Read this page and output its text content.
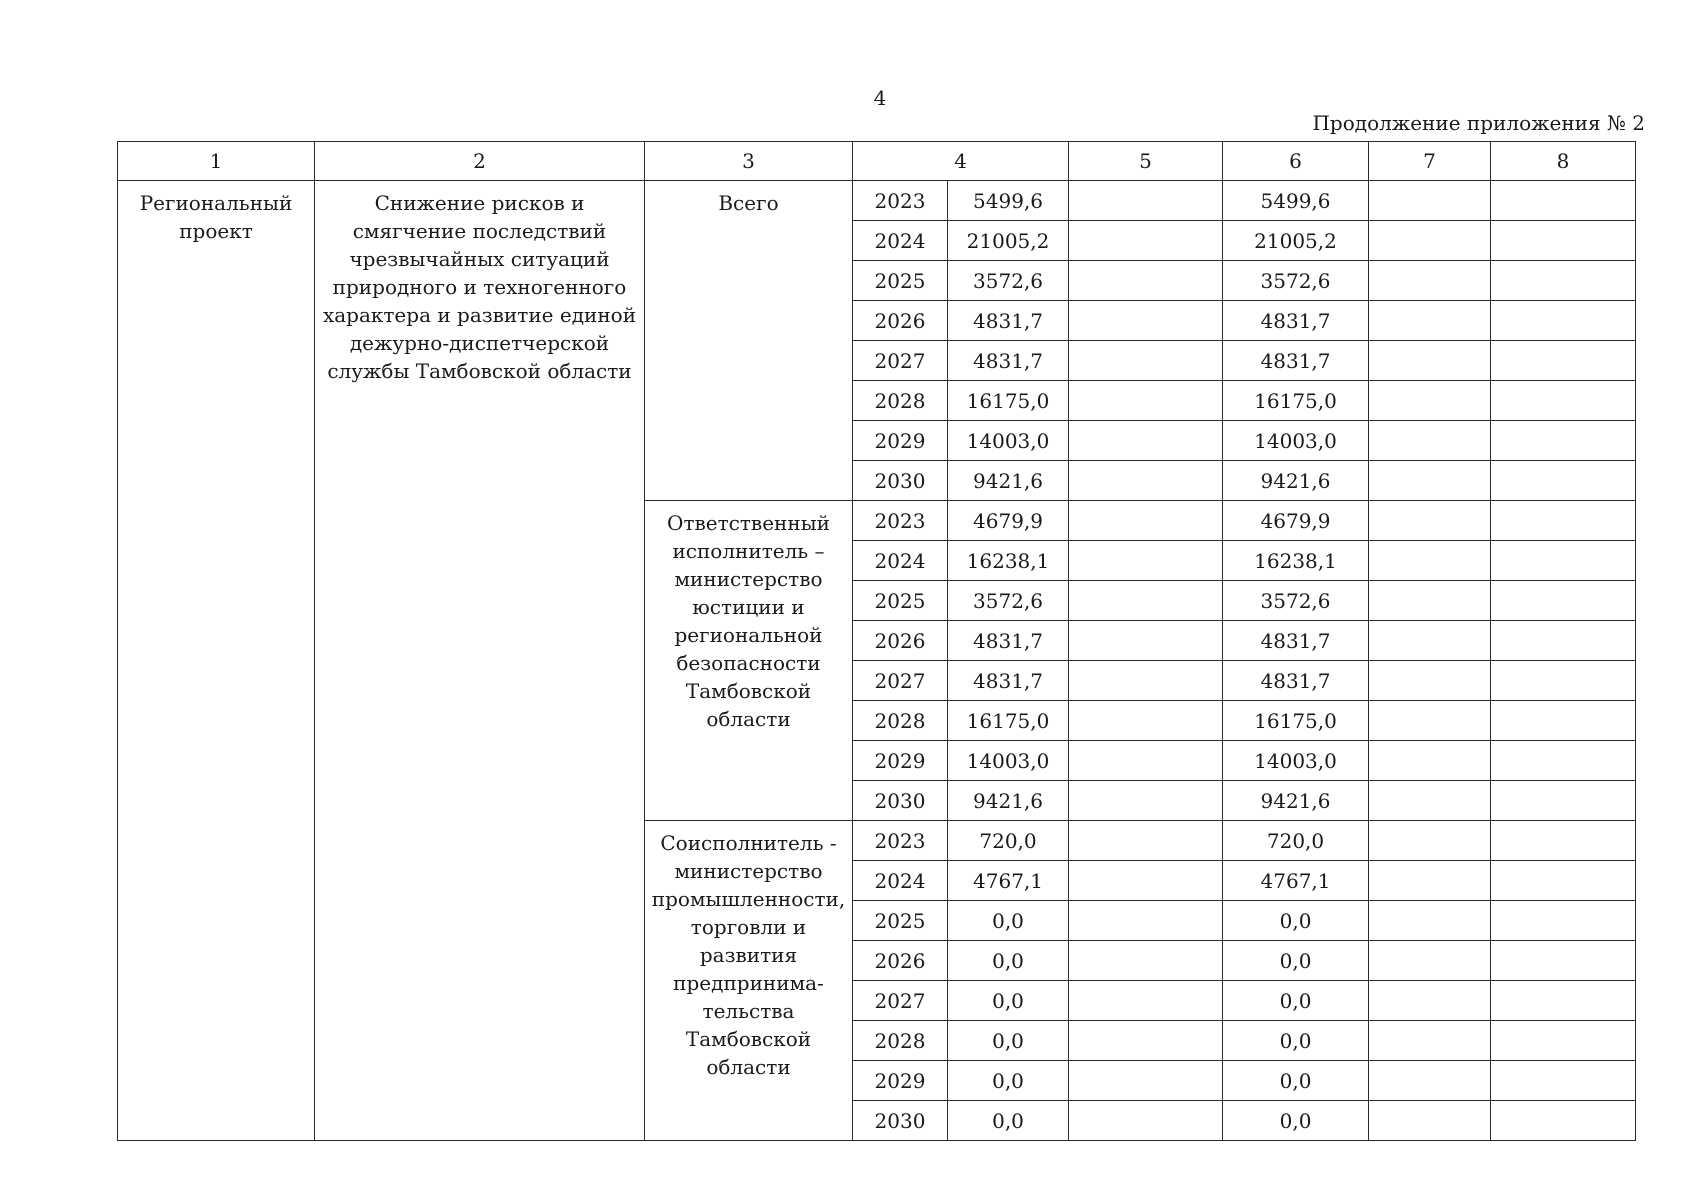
4
Продолжение приложения № 2
1	2	3	4		5	6	7	8
Региональный проект	Снижение рисков и смягчение последствий чрезвычайных ситуаций природного и техногенного характера и развитие единой дежурно-диспетчерской службы Тамбовской области	Всего	2023	5499,6		5499,6		
			2024	21005,2		21005,2		
			2025	3572,6		3572,6		
			2026	4831,7		4831,7		
			2027	4831,7		4831,7		
			2028	16175,0		16175,0		
			2029	14003,0		14003,0		
			2030	9421,6		9421,6		
		Ответственный исполнитель – министерство юстиции и региональной безопасности Тамбовской области	2023	4679,9		4679,9		
			2024	16238,1		16238,1		
			2025	3572,6		3572,6		
			2026	4831,7		4831,7		
			2027	4831,7		4831,7		
			2028	16175,0		16175,0		
			2029	14003,0		14003,0		
			2030	9421,6		9421,6		
		Соисполнитель - министерство промышленности, торговли и развития предпринима-тельства Тамбовской области	2023	720,0		720,0		
			2024	4767,1		4767,1		
			2025	0,0		0,0		
			2026	0,0		0,0		
			2027	0,0		0,0		
			2028	0,0		0,0		
			2029	0,0		0,0		
			2030	0,0		0,0		
